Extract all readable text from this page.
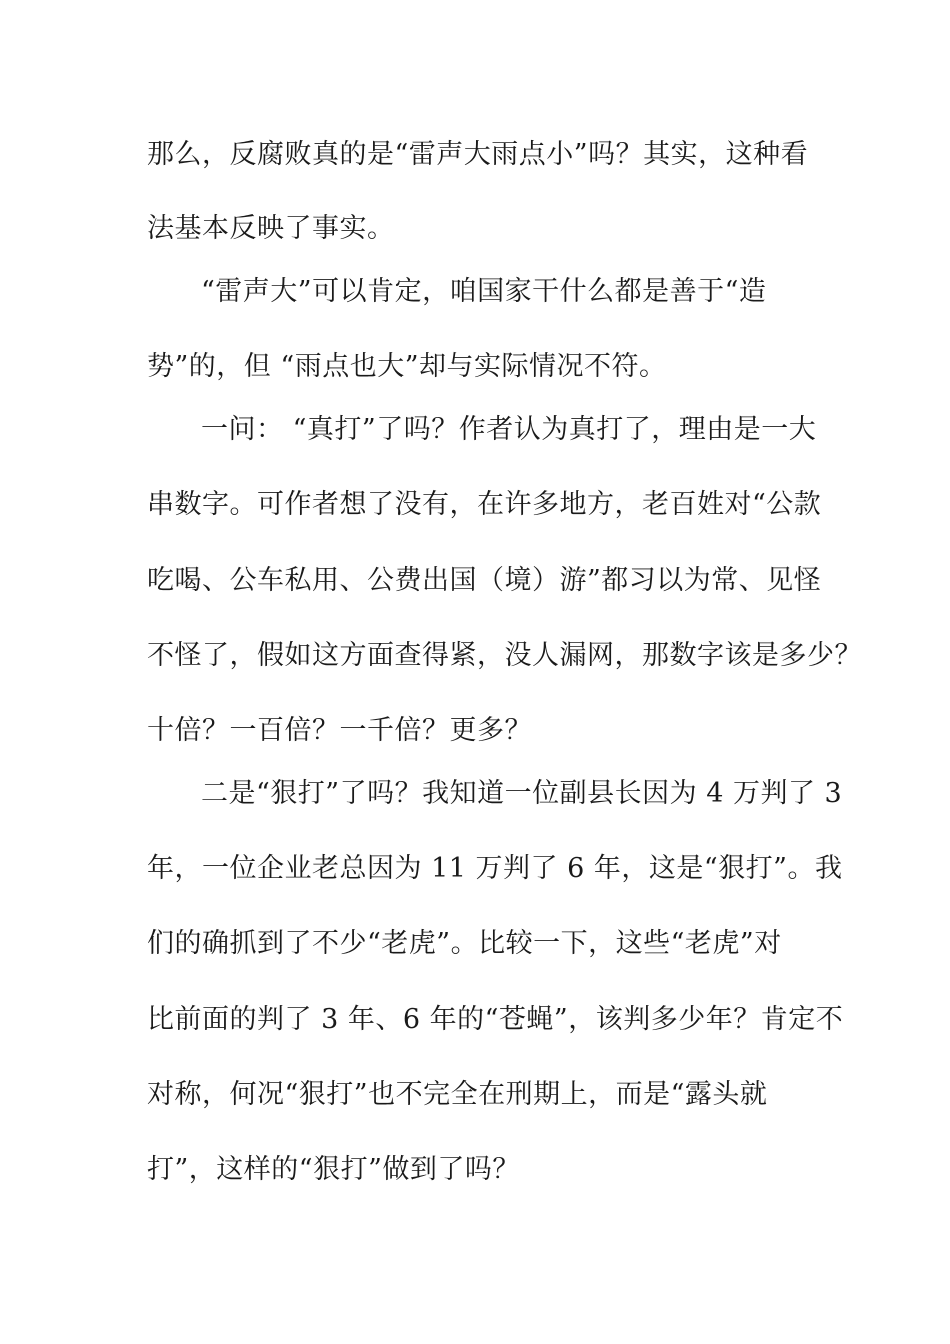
那么，反腐败真的是“雷声大雨点小”吗？其实，这种看
法基本反映了事实。
“雷声大”可以肯定，咱国家干什么都是善于“造
势”的，但 “雨点也大”却与实际情况不符。
一问： “真打”了吗？作者认为真打了，理由是一大
串数字。可作者想了没有，在许多地方，老百姓对“公款
吃喝、公车私用、公费出国（境）游”都习以为常、见怪
不怪了，假如这方面查得紧，没人漏网，那数字该是多少？
十倍？一百倍？一千倍？更多？
二是“狠打”了吗？我知道一位副县长因为 4 万判了 3
年，一位企业老总因为 11 万判了 6 年，这是“狠打”。我
们的确抓到了不少“老虎”。比较一下，这些“老虎”对
比前面的判了 3 年、6 年的“苍蝇”，该判多少年？肯定不
对称，何况“狠打”也不完全在刑期上，而是“露头就
打”，这样的“狠打”做到了吗？
